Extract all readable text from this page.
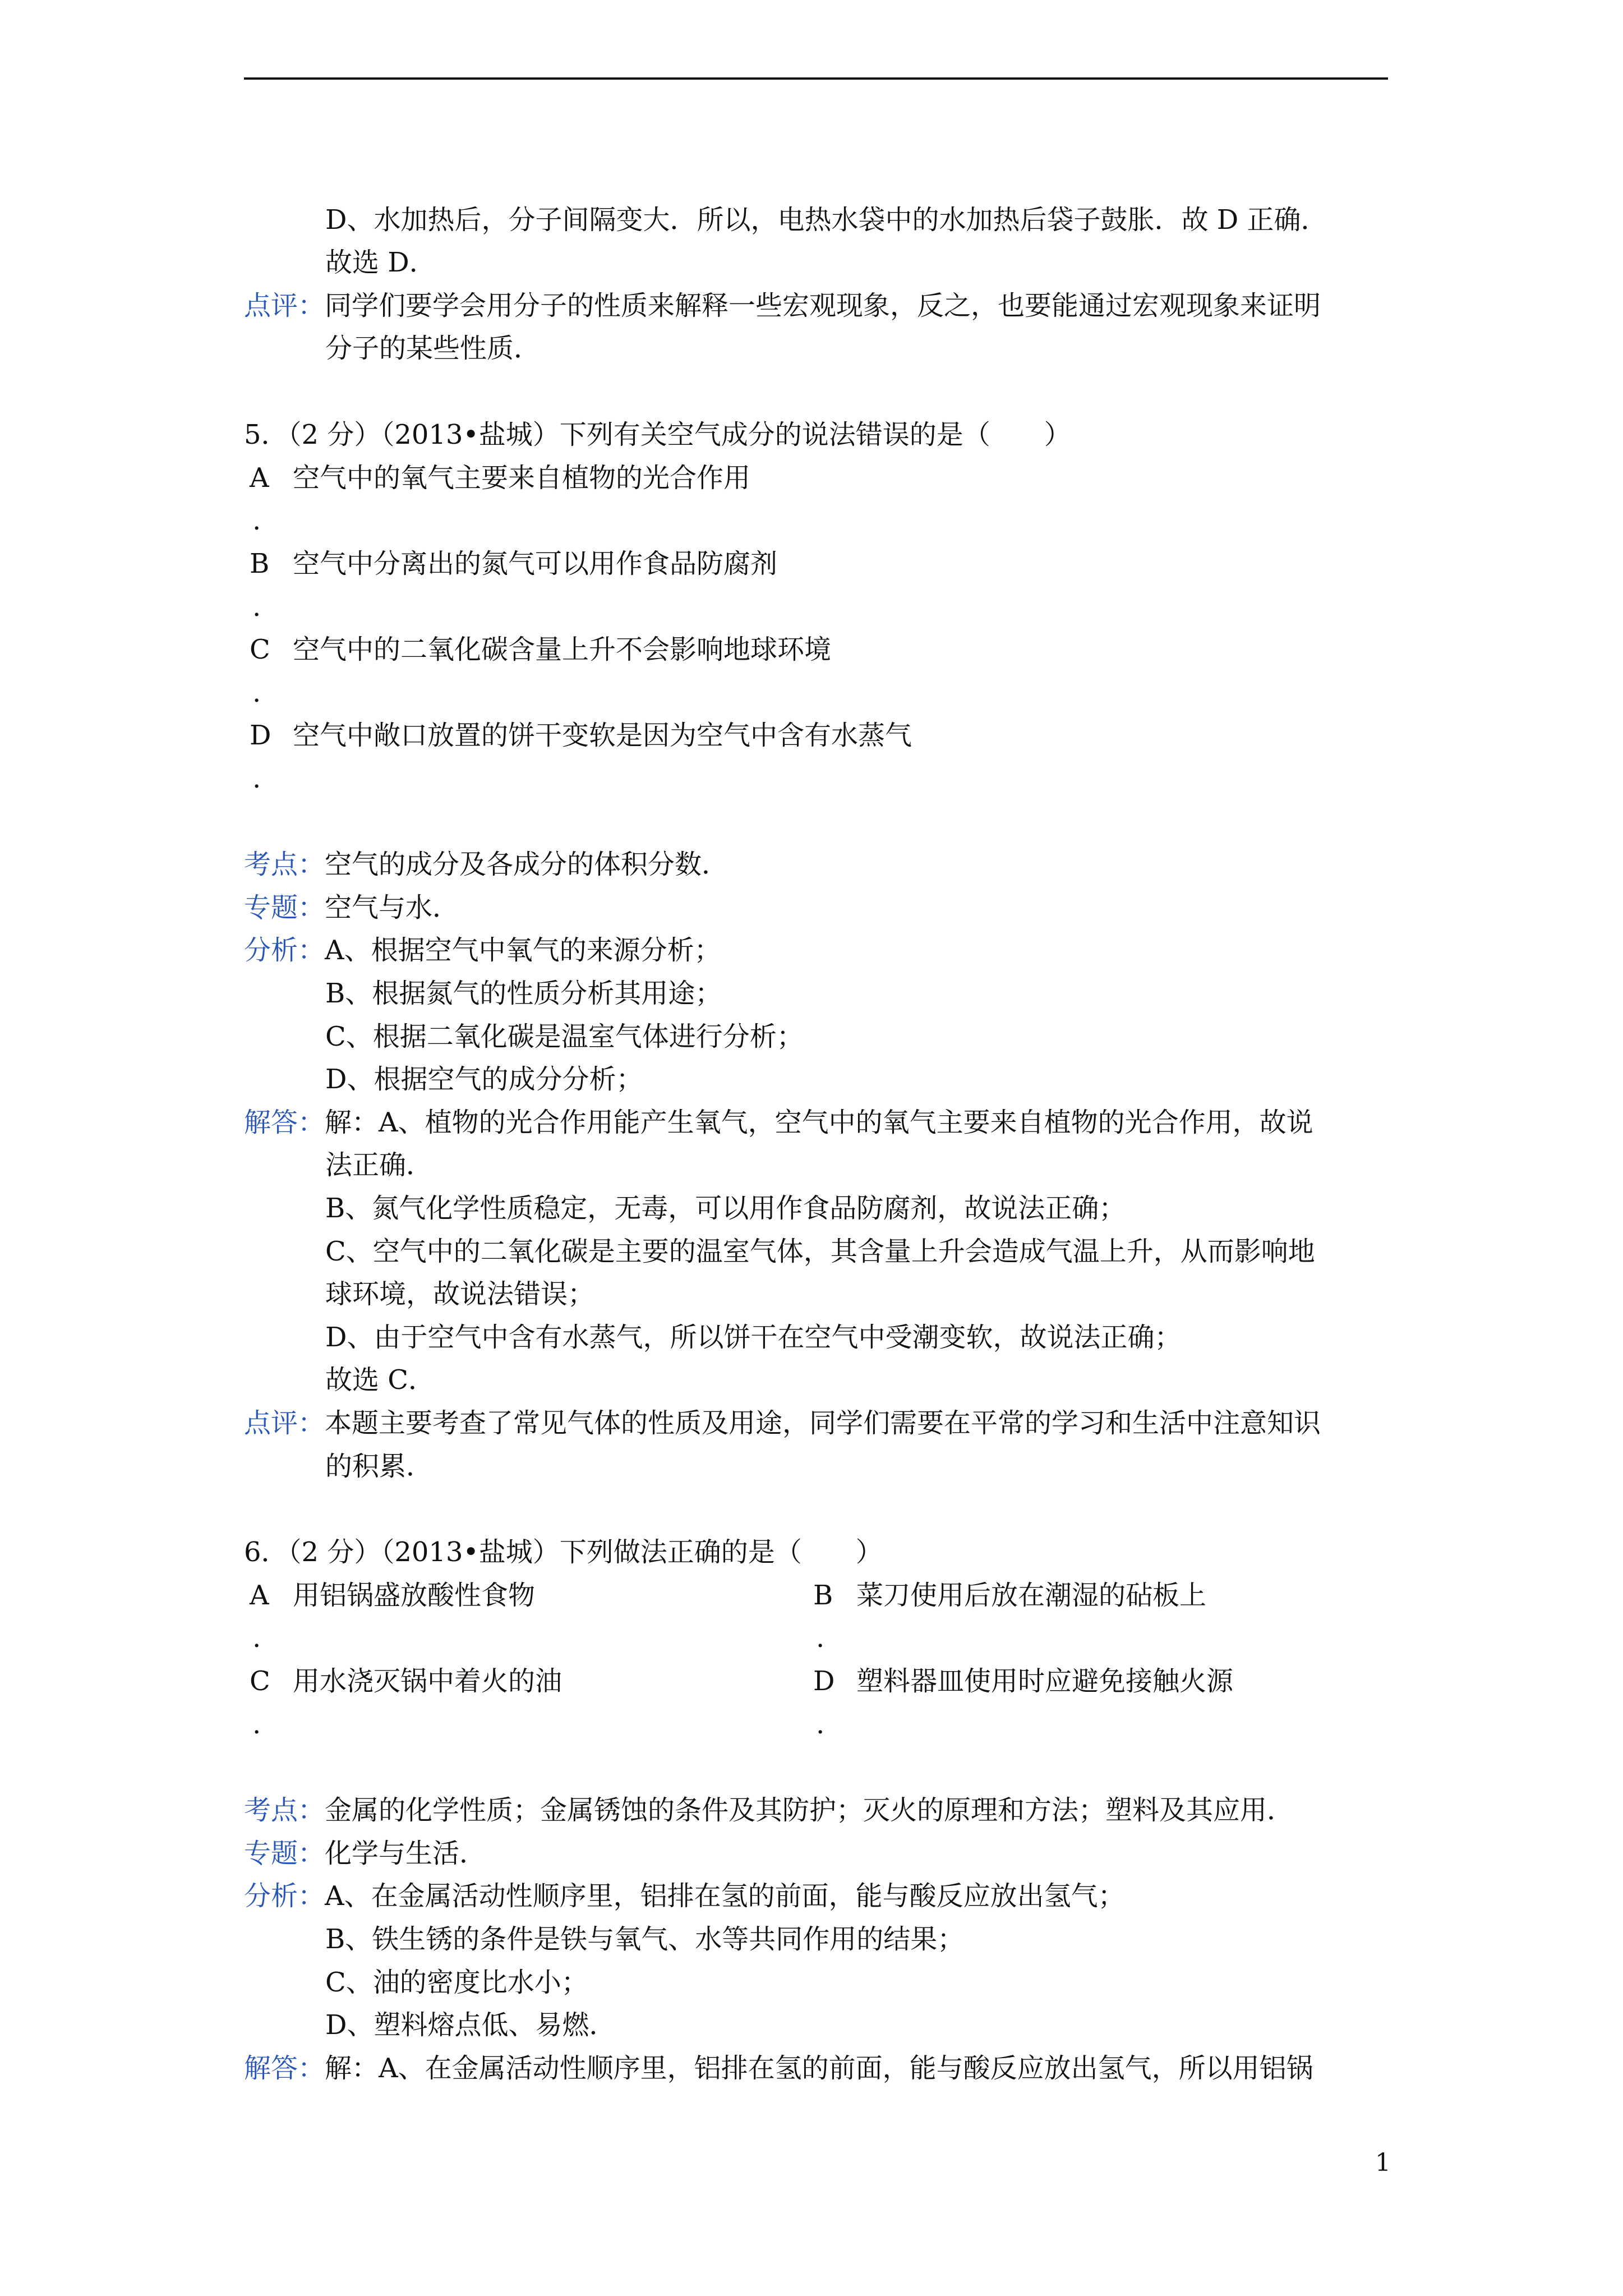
D、水加热后，分子间隔变大．所以，电热水袋中的水加热后袋子鼓胀．故 D 正确．
故选 D．
点评：同学们要学会用分子的性质来解释一些宏观现象，反之，也要能通过宏观现象来证明
分子的某些性质．
5．（2 分）（2013•盐城）下列有关空气成分的说法错误的是（　　）
A 空气中的氧气主要来自植物的光合作用
.
B 空气中分离出的氮气可以用作食品防腐剂
.
C 空气中的二氧化碳含量上升不会影响地球环境
.
D 空气中敞口放置的饼干变软是因为空气中含有水蒸气
.
考点：空气的成分及各成分的体积分数．
专题：空气与水．
分析：A、根据空气中氧气的来源分析；
B、根据氮气的性质分析其用途；
C、根据二氧化碳是温室气体进行分析；
D、根据空气的成分分析；
解答：解：A、植物的光合作用能产生氧气，空气中的氧气主要来自植物的光合作用，故说
法正确．
B、氮气化学性质稳定，无毒，可以用作食品防腐剂，故说法正确；
C、空气中的二氧化碳是主要的温室气体，其含量上升会造成气温上升，从而影响地
球环境，故说法错误；
D、由于空气中含有水蒸气，所以饼干在空气中受潮变软，故说法正确；
故选 C．
点评：本题主要考查了常见气体的性质及用途，同学们需要在平常的学习和生活中注意知识
的积累．
6．（2 分）（2013•盐城）下列做法正确的是（　　）
A 用铝锅盛放酸性食物	B 菜刀使用后放在潮湿的砧板上
.	.
C 用水浇灭锅中着火的油	D 塑料器皿使用时应避免接触火源
.	.
考点：金属的化学性质；金属锈蚀的条件及其防护；灭火的原理和方法；塑料及其应用．
专题：化学与生活．
分析：A、在金属活动性顺序里，铝排在氢的前面，能与酸反应放出氢气；
B、铁生锈的条件是铁与氧气、水等共同作用的结果；
C、油的密度比水小；
D、塑料熔点低、易燃．
解答：解：A、在金属活动性顺序里，铝排在氢的前面，能与酸反应放出氢气，所以用铝锅
1
